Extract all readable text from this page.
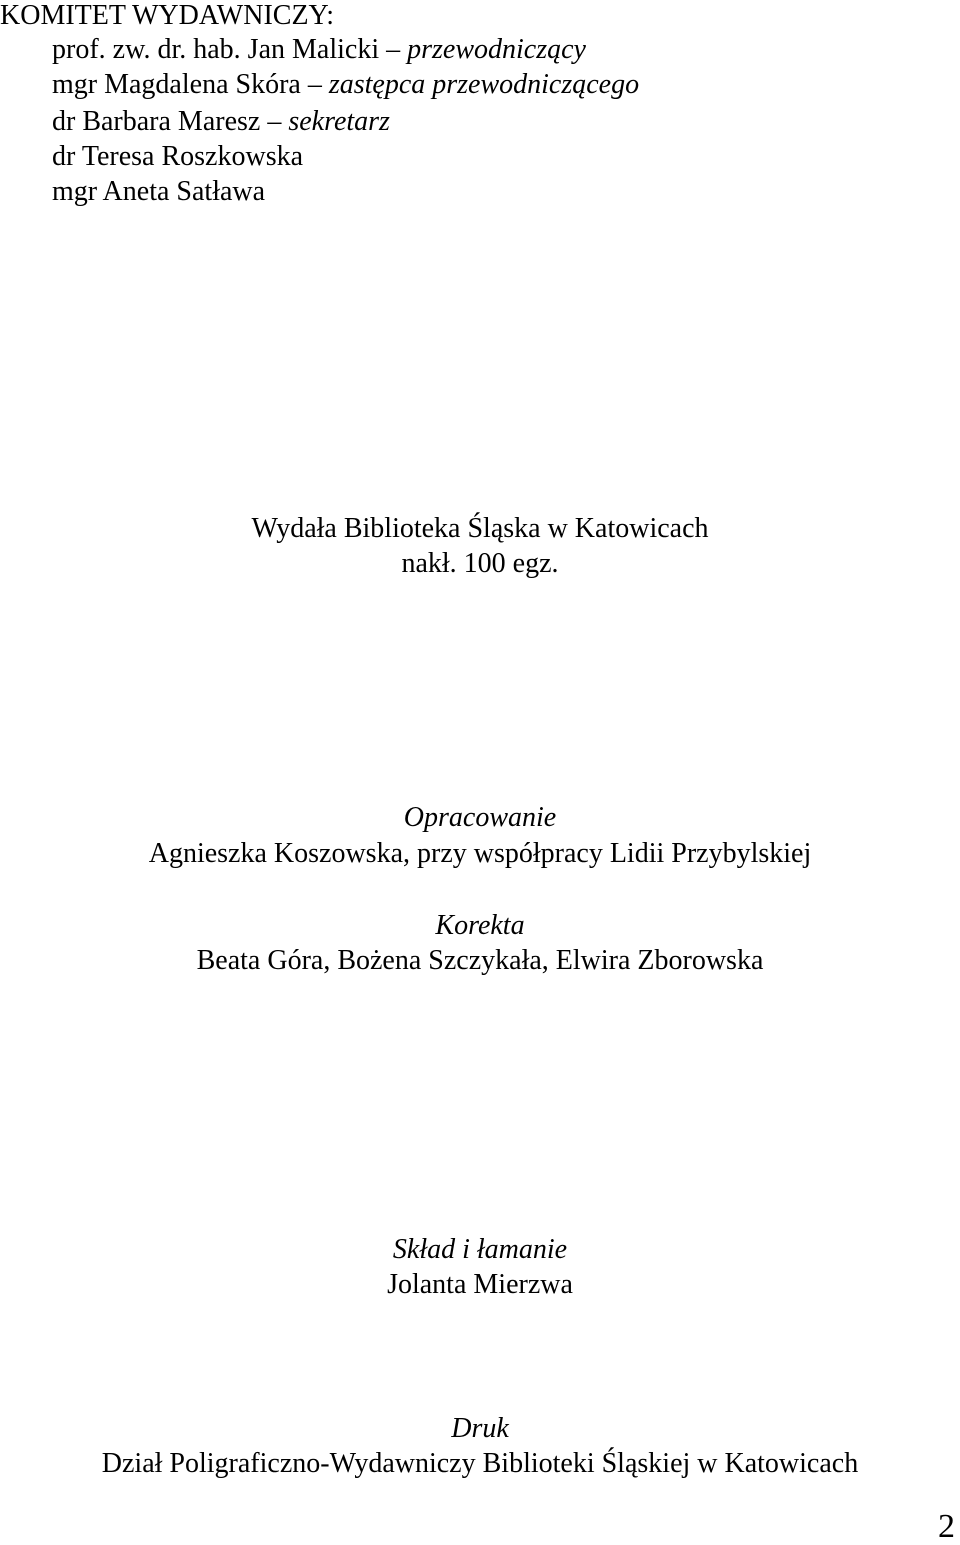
KOMITET WYDAWNICZY:
prof. zw. dr. hab. Jan Malicki – przewodniczący
mgr Magdalena Skóra – zastępca przewodniczącego
dr Barbara Maresz – sekretarz
dr Teresa Roszkowska
mgr Aneta Satława
Wydała Biblioteka Śląska w Katowicach
nakł. 100 egz.
Opracowanie
Agnieszka Koszowska, przy współpracy Lidii Przybylskiej
Korekta
Beata Góra, Bożena Szczykała, Elwira Zborowska
Skład i łamanie
Jolanta Mierzwa
Druk
Dział Poligraficzno-Wydawniczy Biblioteki Śląskiej w Katowicach
2
